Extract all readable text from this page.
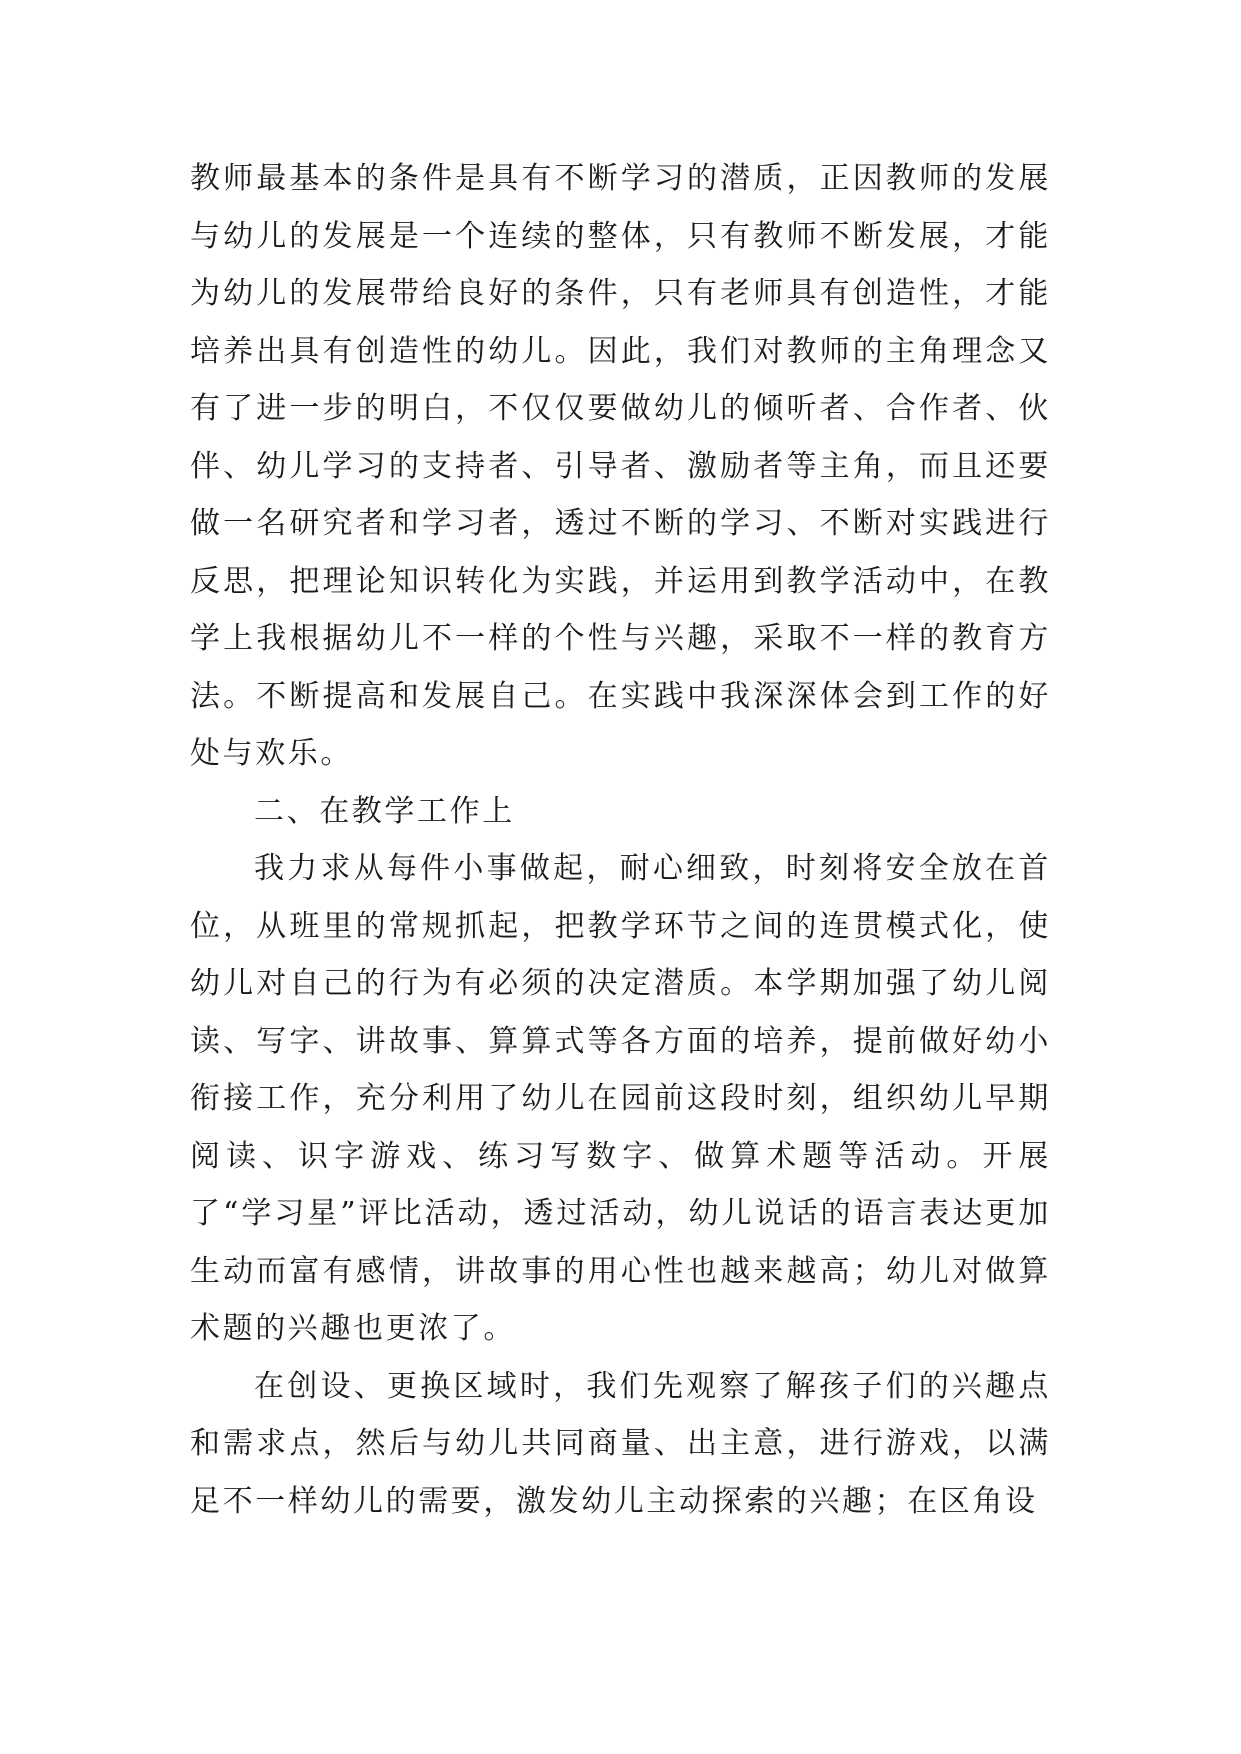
教师最基本的条件是具有不断学习的潜质，正因教师的发展与幼儿的发展是一个连续的整体，只有教师不断发展，才能为幼儿的发展带给良好的条件，只有老师具有创造性，才能培养出具有创造性的幼儿。因此，我们对教师的主角理念又有了进一步的明白，不仅仅要做幼儿的倾听者、合作者、伙伴、幼儿学习的支持者、引导者、激励者等主角，而且还要做一名研究者和学习者，透过不断的学习、不断对实践进行反思，把理论知识转化为实践，并运用到教学活动中，在教学上我根据幼儿不一样的个性与兴趣，采取不一样的教育方法。不断提高和发展自己。在实践中我深深体会到工作的好处与欢乐。

二、在教学工作上

我力求从每件小事做起，耐心细致，时刻将安全放在首位，从班里的常规抓起，把教学环节之间的连贯模式化，使幼儿对自己的行为有必须的决定潜质。本学期加强了幼儿阅读、写字、讲故事、算算式等各方面的培养，提前做好幼小衔接工作，充分利用了幼儿在园前这段时刻，组织幼儿早期阅读、识字游戏、练习写数字、做算术题等活动。开展了“学习星”评比活动，透过活动，幼儿说话的语言表达更加生动而富有感情，讲故事的用心性也越来越高；幼儿对做算术题的兴趣也更浓了。

在创设、更换区域时，我们先观察了解孩子们的兴趣点和需求点，然后与幼儿共同商量、出主意，进行游戏，以满足不一样幼儿的需要，激发幼儿主动探索的兴趣；在区角设
